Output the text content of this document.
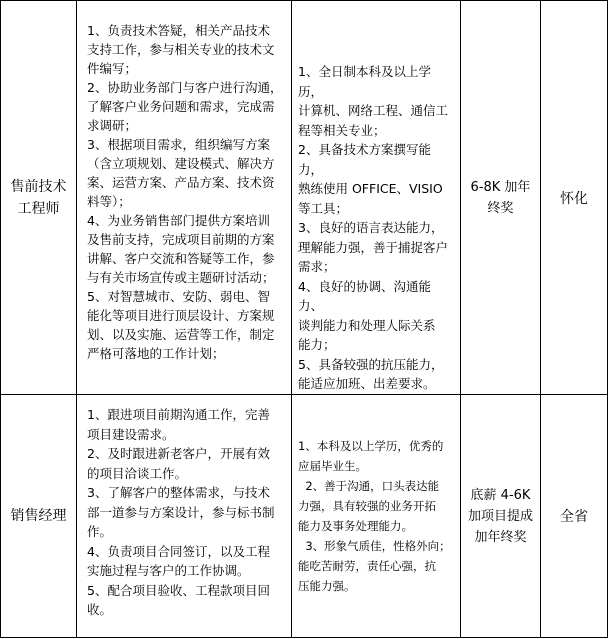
售前技术
工程师
1、负责技术答疑，相关产品技术
支持工作，参与相关专业的技术文
件编写；
2、协助业务部门与客户进行沟通，
了解客户业务问题和需求，完成需
求调研；
3、根据项目需求，组织编写方案
（含立项规划、建设模式、解决方
案、运营方案、产品方案、技术资
料等）；
4、为业务销售部门提供方案培训
及售前支持，完成项目前期的方案
讲解、客户交流和答疑等工作，参
与有关市场宣传或主题研讨活动；
5、对智慧城市、安防、弱电、智
能化等项目进行顶层设计、方案规
划、以及实施、运营等工作，制定
严格可落地的工作计划；
1、全日制本科及以上学历，
计算机、网络工程、通信工
程等相关专业；
2、具备技术方案撰写能力，
熟练使用 OFFICE、VISIO
等工具；
3、良好的语言表达能力，
理解能力强，善于捕捉客户
需求；
4、良好的协调、沟通能力、
谈判能力和处理人际关系
能力；
5、具备较强的抗压能力，
能适应加班、出差要求。
6-8K 加年
终奖
怀化
销售经理
1、跟进项目前期沟通工作，完善
项目建设需求。
2、及时跟进新老客户，开展有效
的项目洽谈工作。
3、了解客户的整体需求，与技术
部一道参与方案设计，参与标书制
作。
4、负责项目合同签订，以及工程
实施过程与客户的工作协调。
5、配合项目验收、工程款项目回
收。
1、本科及以上学历，优秀的
应届毕业生。
2、善于沟通，口头表达能
力强，具有较强的业务开拓
能力及事务处理能力。
3、形象气质佳，性格外向；
能吃苦耐劳，责任心强，抗
压能力强。
底薪 4-6K
加项目提成
加年终奖
全省
